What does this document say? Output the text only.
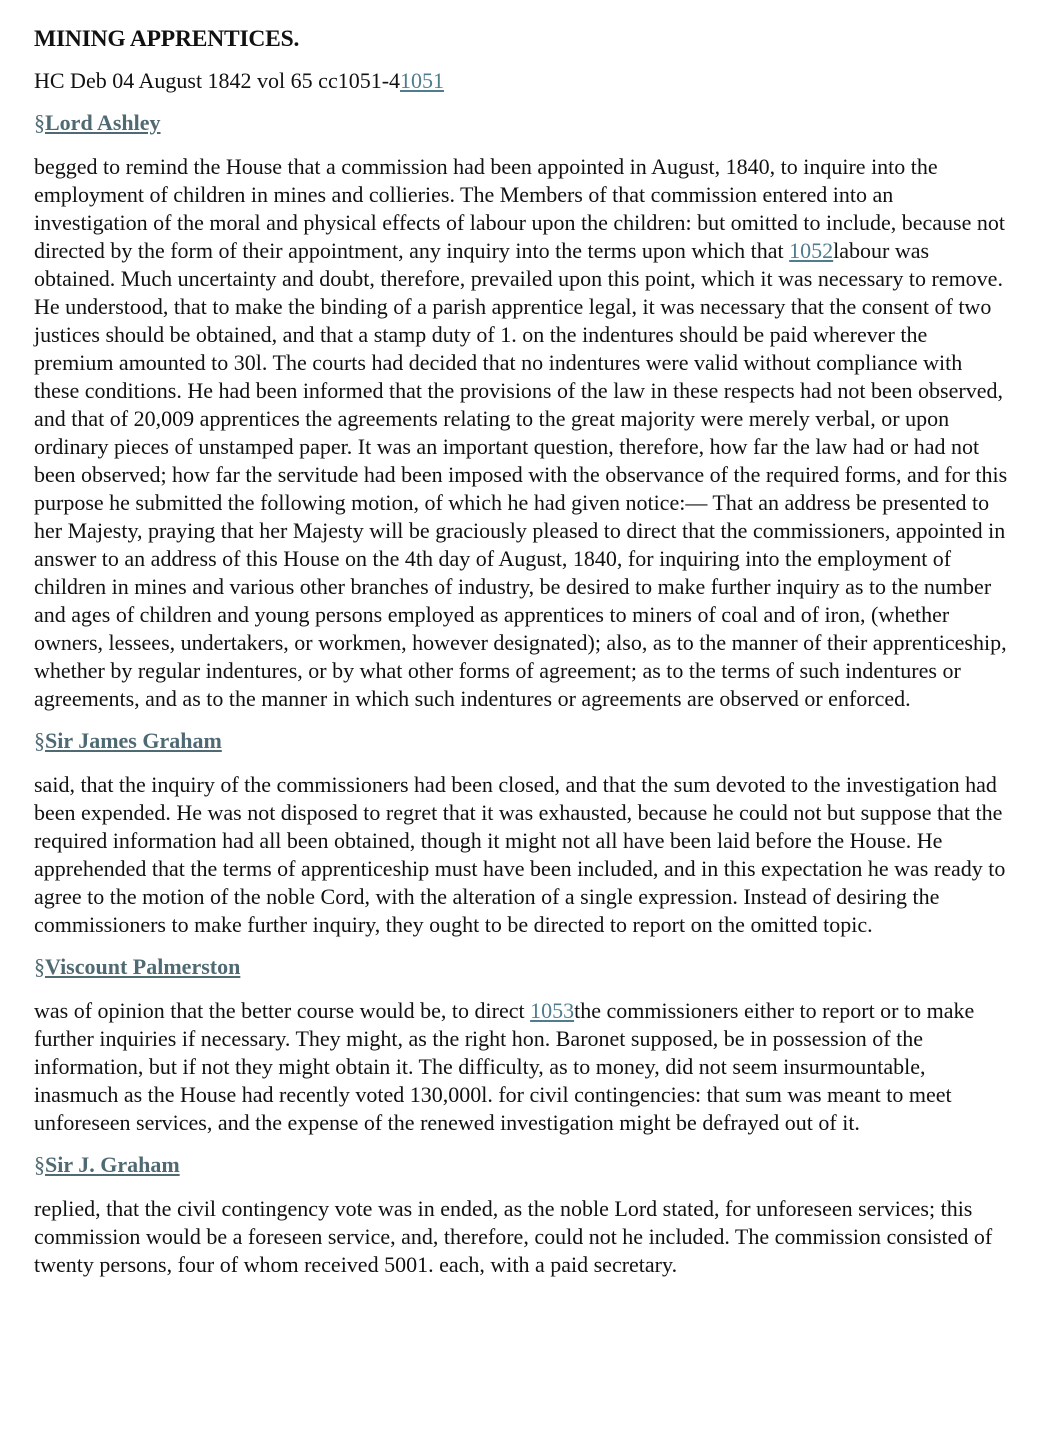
MINING APPRENTICES.

HC Deb 04 August 1842 vol 65 cc1051-41051

§Lord Ashley

begged to remind the House that a commission had been appointed in August, 1840, to inquire into the employment of children in mines and collieries. The Members of that commission entered into an investigation of the moral and physical effects of labour upon the children: but omitted to include, because not directed by the form of their appointment, any inquiry into the terms upon which that 1052labour was obtained. Much uncertainty and doubt, therefore, prevailed upon this point, which it was necessary to remove. He understood, that to make the binding of a parish apprentice legal, it was necessary that the consent of two justices should be obtained, and that a stamp duty of 1. on the indentures should be paid wherever the premium amounted to 30l. The courts had decided that no indentures were valid without compliance with these conditions. He had been informed that the provisions of the law in these respects had not been observed, and that of 20,009 apprentices the agreements relating to the great majority were merely verbal, or upon ordinary pieces of unstamped paper. It was an important question, therefore, how far the law had or had not been observed; how far the servitude had been imposed with the observance of the required forms, and for this purpose he submitted the following motion, of which he had given notice:— That an address be presented to her Majesty, praying that her Majesty will be graciously pleased to direct that the commissioners, appointed in answer to an address of this House on the 4th day of August, 1840, for inquiring into the employment of children in mines and various other branches of industry, be desired to make further inquiry as to the number and ages of children and young persons employed as apprentices to miners of coal and of iron, (whether owners, lessees, undertakers, or workmen, however designated); also, as to the manner of their apprenticeship, whether by regular indentures, or by what other forms of agreement; as to the terms of such indentures or agreements, and as to the manner in which such indentures or agreements are observed or enforced.

§Sir James Graham

said, that the inquiry of the commissioners had been closed, and that the sum devoted to the investigation had been expended. He was not disposed to regret that it was exhausted, because he could not but suppose that the required information had all been obtained, though it might not all have been laid before the House. He apprehended that the terms of apprenticeship must have been included, and in this expectation he was ready to agree to the motion of the noble Cord, with the alteration of a single expression. Instead of desiring the commissioners to make further inquiry, they ought to be directed to report on the omitted topic.

§Viscount Palmerston

was of opinion that the better course would be, to direct 1053the commissioners either to report or to make further inquiries if necessary. They might, as the right hon. Baronet supposed, be in possession of the information, but if not they might obtain it. The difficulty, as to money, did not seem insurmountable, inasmuch as the House had recently voted 130,000l. for civil contingencies: that sum was meant to meet unforeseen services, and the expense of the renewed investigation might be defrayed out of it.

§Sir J. Graham

replied, that the civil contingency vote was in ended, as the noble Lord stated, for unforeseen services; this commission would be a foreseen service, and, therefore, could not he included. The commission consisted of twenty persons, four of whom received 5001. each, with a paid secretary.
